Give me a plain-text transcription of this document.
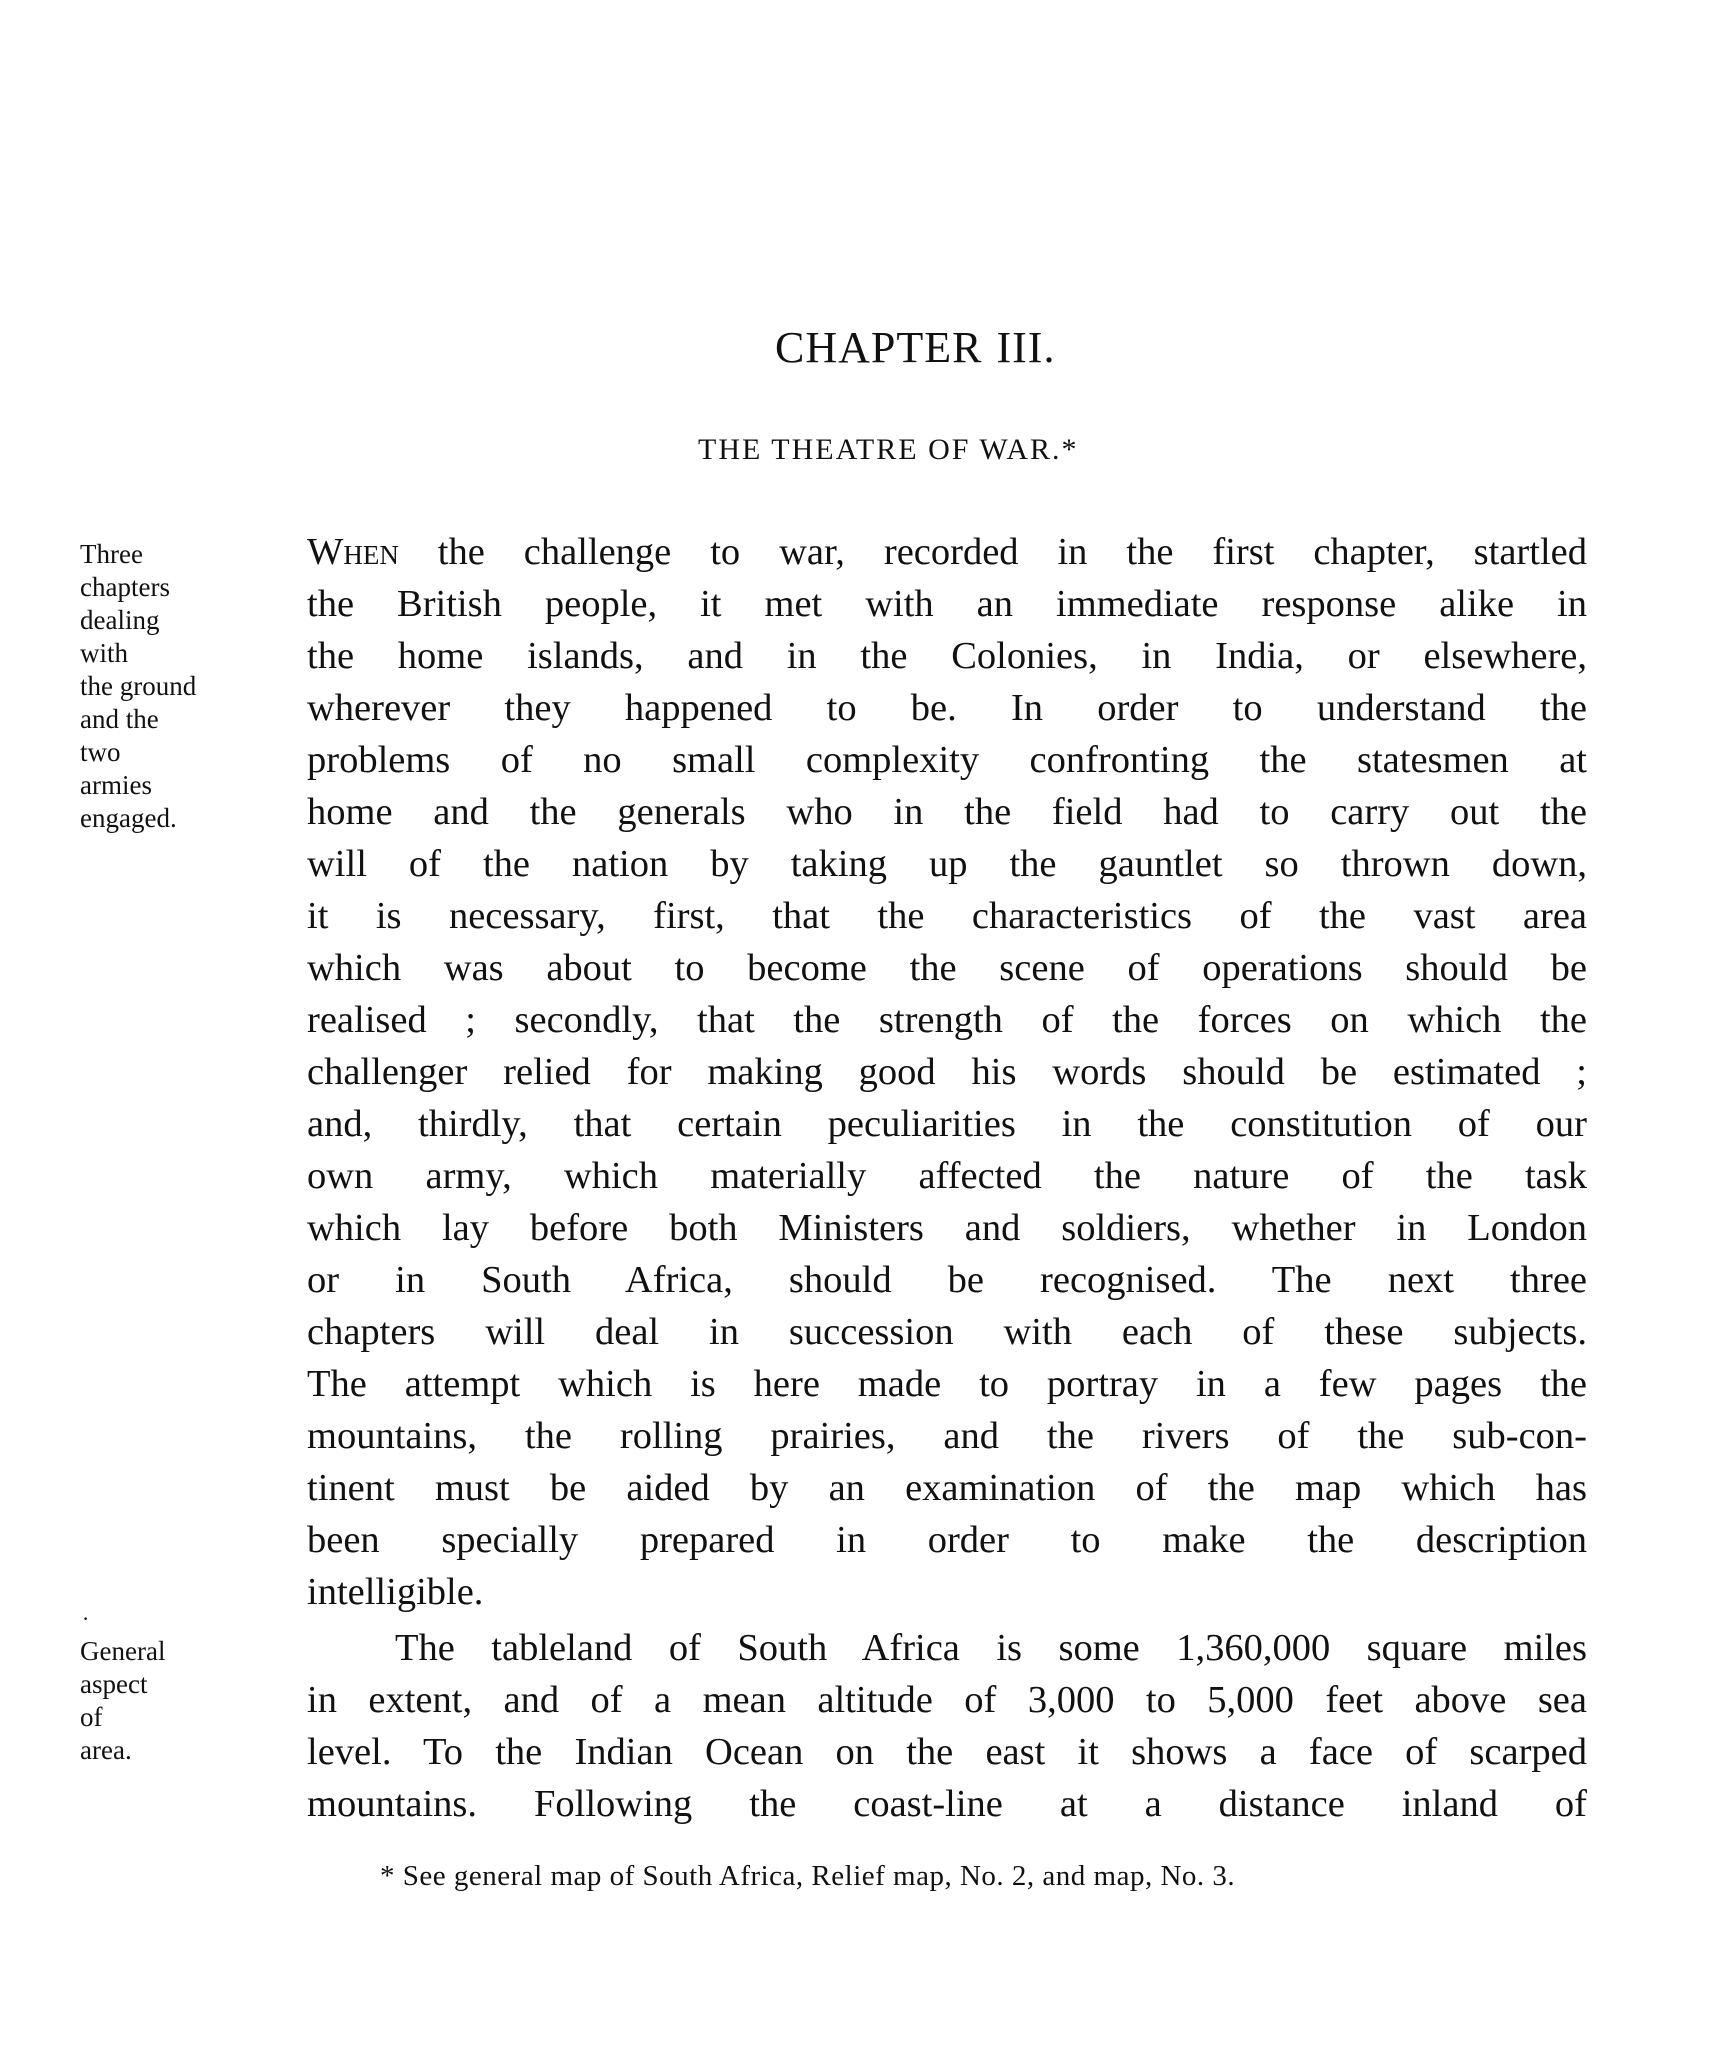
CHAPTER III.
THE THEATRE OF WAR.*
Three
chapters
dealing
with
the ground
and the
two
armies
engaged.
·
General
aspect
of
area.
When the challenge to war, recorded in the first chapter, startled
the British people, it met with an immediate response alike in
the home islands, and in the Colonies, in India, or elsewhere,
wherever they happened to be. In order to understand the
problems of no small complexity confronting the statesmen at
home and the generals who in the field had to carry out the
will of the nation by taking up the gauntlet so thrown down,
it is necessary, first, that the characteristics of the vast area
which was about to become the scene of operations should be
realised ; secondly, that the strength of the forces on which the
challenger relied for making good his words should be estimated ;
and, thirdly, that certain peculiarities in the constitution of our
own army, which materially affected the nature of the task
which lay before both Ministers and soldiers, whether in London
or in South Africa, should be recognised. The next three
chapters will deal in succession with each of these subjects.
The attempt which is here made to portray in a few pages the
mountains, the rolling prairies, and the rivers of the sub-con-
tinent must be aided by an examination of the map which has
been specially prepared in order to make the description
intelligible.
The tableland of South Africa is some 1,360,000 square miles
in extent, and of a mean altitude of 3,000 to 5,000 feet above sea
level. To the Indian Ocean on the east it shows a face of scarped
mountains. Following the coast-line at a distance inland of
* See general map of South Africa, Relief map, No. 2, and map, No. 3.
